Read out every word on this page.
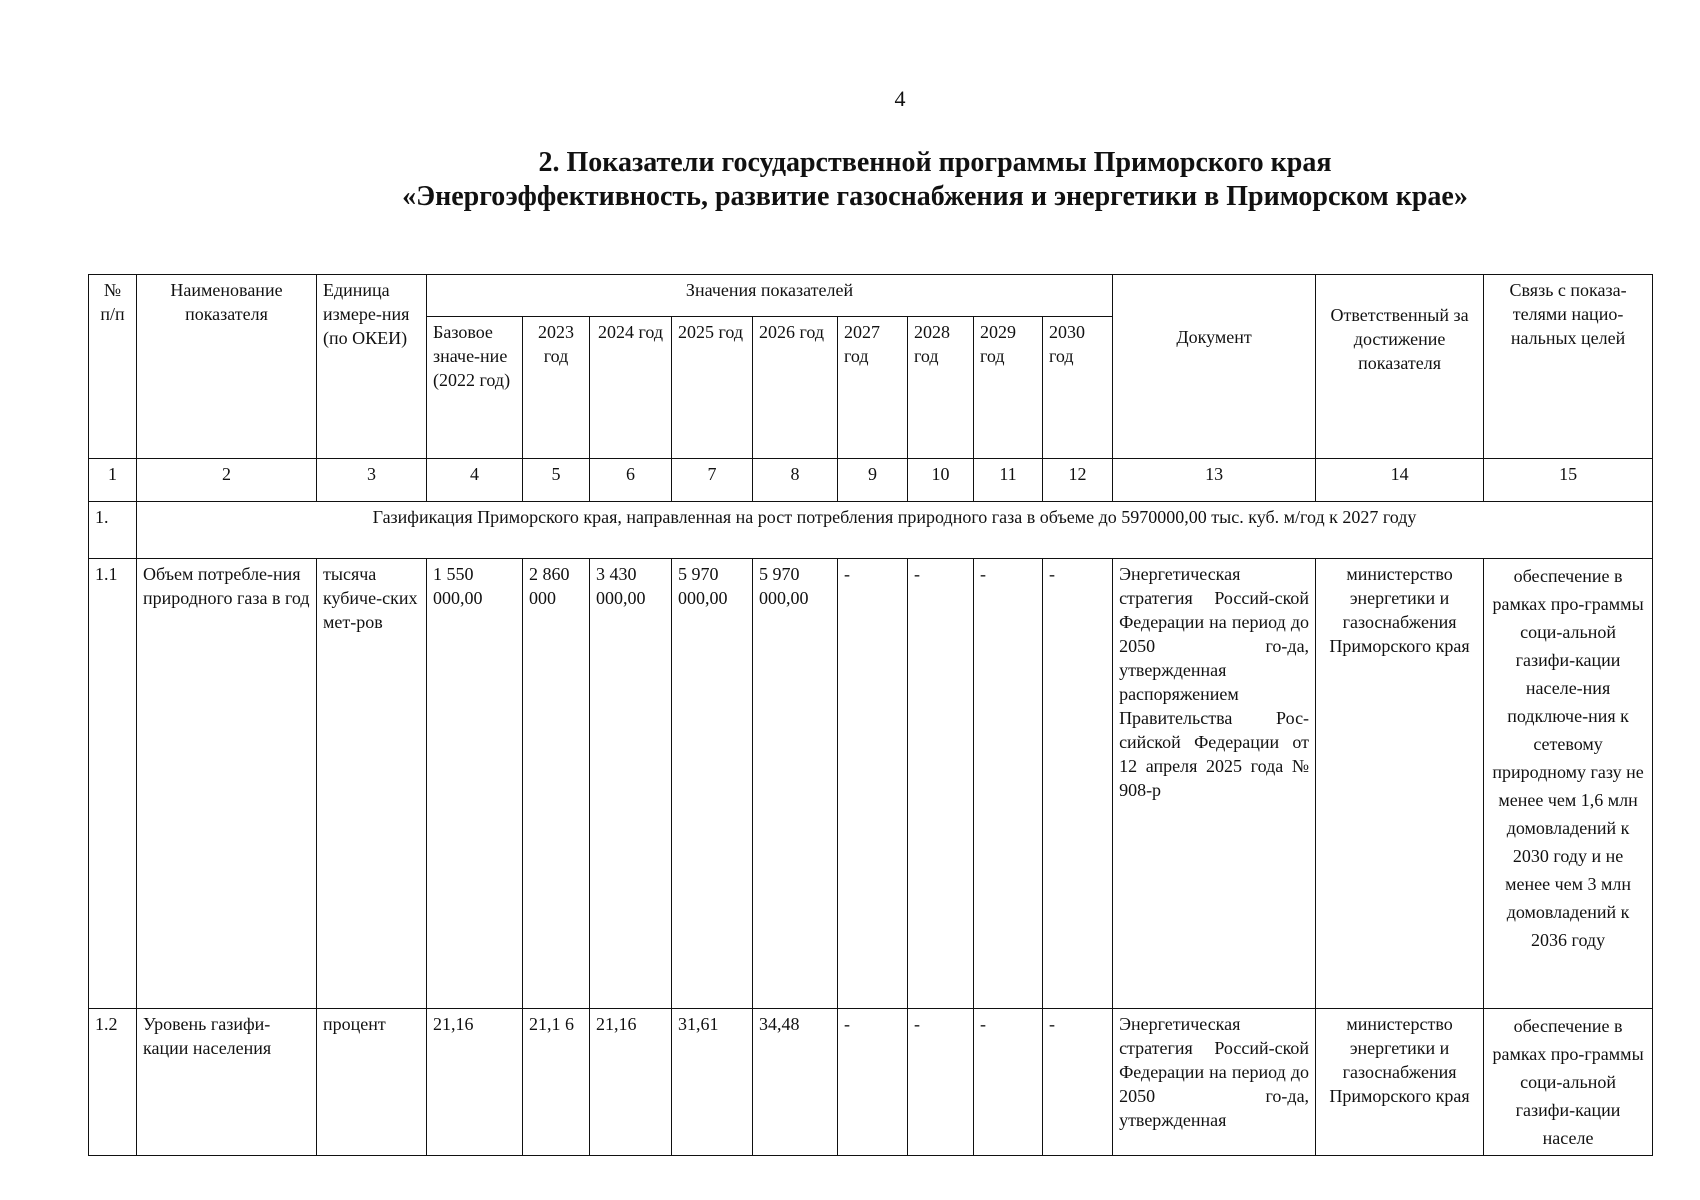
4
2. Показатели государственной программы Приморского края
«Энергоэффективность, развитие газоснабжения и энергетики в Приморском крае»
№ п/п	Наименование показателя	Единица измере-ния (по ОКЕИ)	Значения показателей									Документ	Ответственный за достижение показателя	Связь с показа-телями нацио-нальных целей
			Базовое значе-ние (2022 год)	2023 год	2024 год	2025 год	2026 год	2027 год	2028 год	2029 год	2030 год			
1	2	3	4	5	6	7	8	9	10	11	12	13	14	15
1.	Газификация Приморского края, направленная на рост потребления природного газа в объеме до 5970000,00 тыс. куб. м/год к 2027 году													
1.1	Объем потребле-ния природного газа в год	тысяча кубиче-ских мет-ров	1 550 000,00	2 860 000	3 430 000,00	5 970 000,00	5 970 000,00	-	-	-	-	Энергетическая стратегия Россий-ской Федерации на период до 2050 го-да, утвержденная распоряжением Правительства Рос-сийской Федерации от 12 апреля 2025 года № 908-р	министерство энергетики и газоснабжения Приморского края	обеспечение в рамках про-граммы соци-альной газифи-кации населе-ния подключе-ния к сетевому природному газу не менее чем 1,6 млн домовладений к 2030 году и не менее чем 3 млн домовладений к 2036 году
1.2	Уровень газифи-кации населения	процент	21,16	21,1 6	21,16	31,61	34,48	-	-	-	-	Энергетическая стратегия Россий-ской Федерации на период до 2050 го-да, утвержденная	министерство энергетики и газоснабжения Приморского края	обеспечение в рамках про-граммы соци-альной газифи-кации населе
